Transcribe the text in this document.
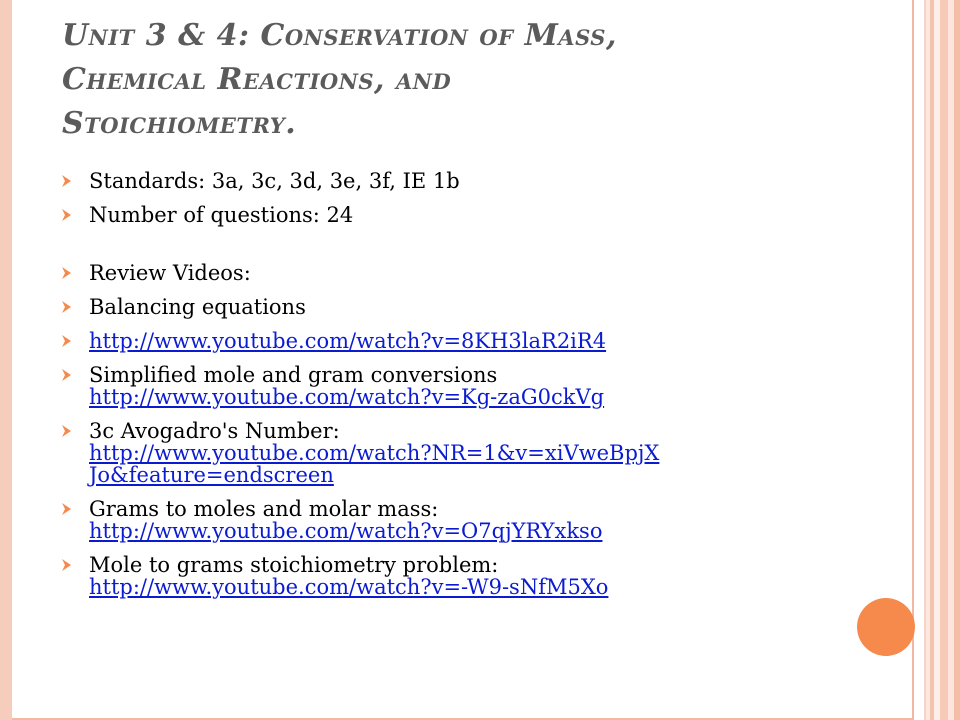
Unit 3 & 4: Conservation of Mass,
Chemical Reactions, and
Stoichiometry.
Standards: 3a, 3c, 3d, 3e, 3f, IE 1b
Number of questions: 24
Review Videos:
Balancing equations
http://www.youtube.com/watch?v=8KH3laR2iR4
Simplified mole and gram conversions
http://www.youtube.com/watch?v=Kg-zaG0ckVg
3c Avogadro's Number:
http://www.youtube.com/watch?NR=1&v=xiVweBpjX
Jo&feature=endscreen
Grams to moles and molar mass:
http://www.youtube.com/watch?v=O7qjYRYxkso
Mole to grams stoichiometry problem:
http://www.youtube.com/watch?v=-W9-sNfM5Xo
